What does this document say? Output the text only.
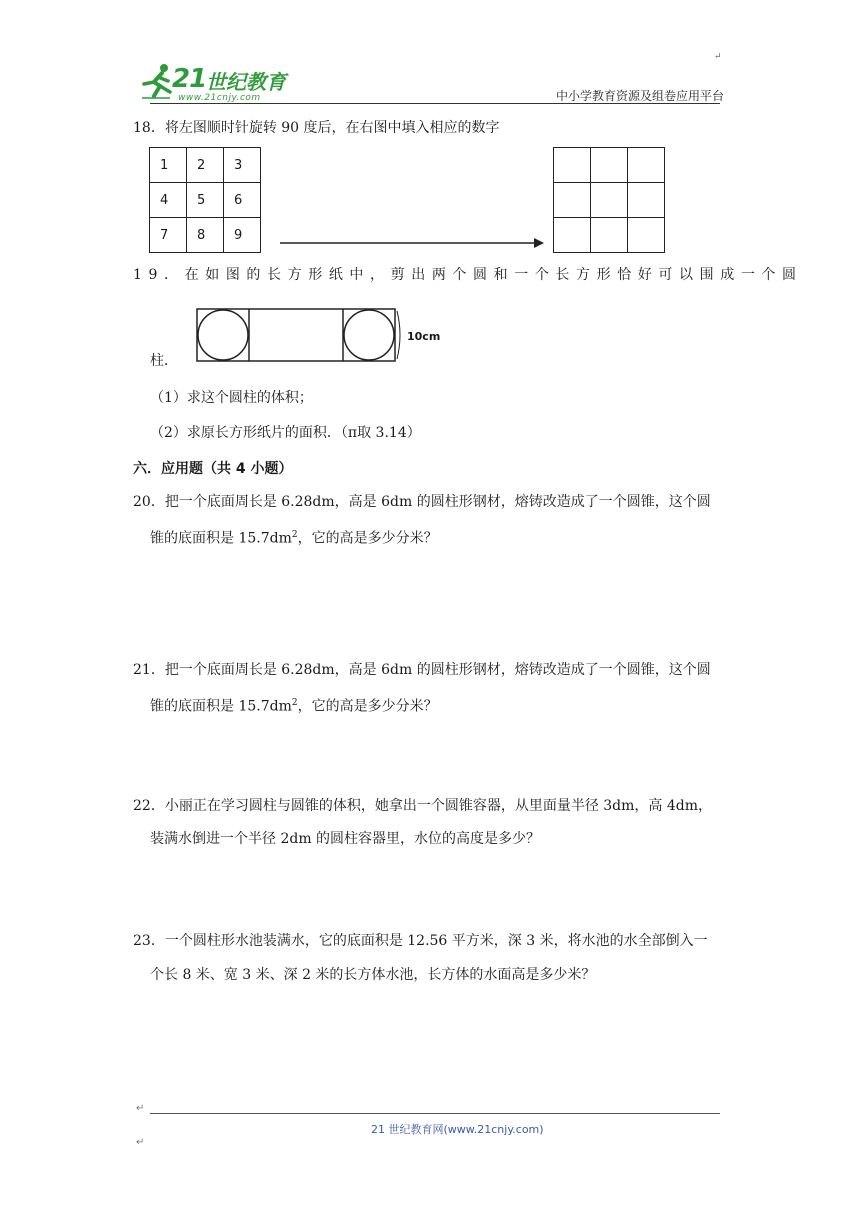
21 世纪教育
www.21cnjy.com
↵
中小学教育资源及组卷应用平台
18．将左图顺时针旋转 90 度后，在右图中填入相应的数字
1	2	3

4	5	6

7	8	9

19．在如图的长方形纸中，剪出两个圆和一个长方形恰好可以围成一个圆
10cm
柱．
（1）求这个圆柱的体积；
（2）求原长方形纸片的面积．（π取 3.14）
六．应用题（共 4 小题）
20．把一个底面周长是 6.28dm，高是 6dm 的圆柱形钢材，熔铸改造成了一个圆锥，这个圆
锥的底面积是 $15.7dm^2$，它的高是多少分米？
21．把一个底面周长是 6.28dm，高是 6dm 的圆柱形钢材，熔铸改造成了一个圆锥，这个圆
锥的底面积是 $15.7dm^2$，它的高是多少分米？
22．小丽正在学习圆柱与圆锥的体积，她拿出一个圆锥容器，从里面量半径 3dm，高 4dm，
装满水倒进一个半径 2dm 的圆柱容器里，水位的高度是多少？
23．一个圆柱形水池装满水，它的底面积是 12.56 平方米，深 3 米，将水池的水全部倒入一
个长 8 米、宽 3 米、深 2 米的长方体水池，长方体的水面高是多少米？
↵
21 世纪教育网(www.21cnjy.com)
↵
